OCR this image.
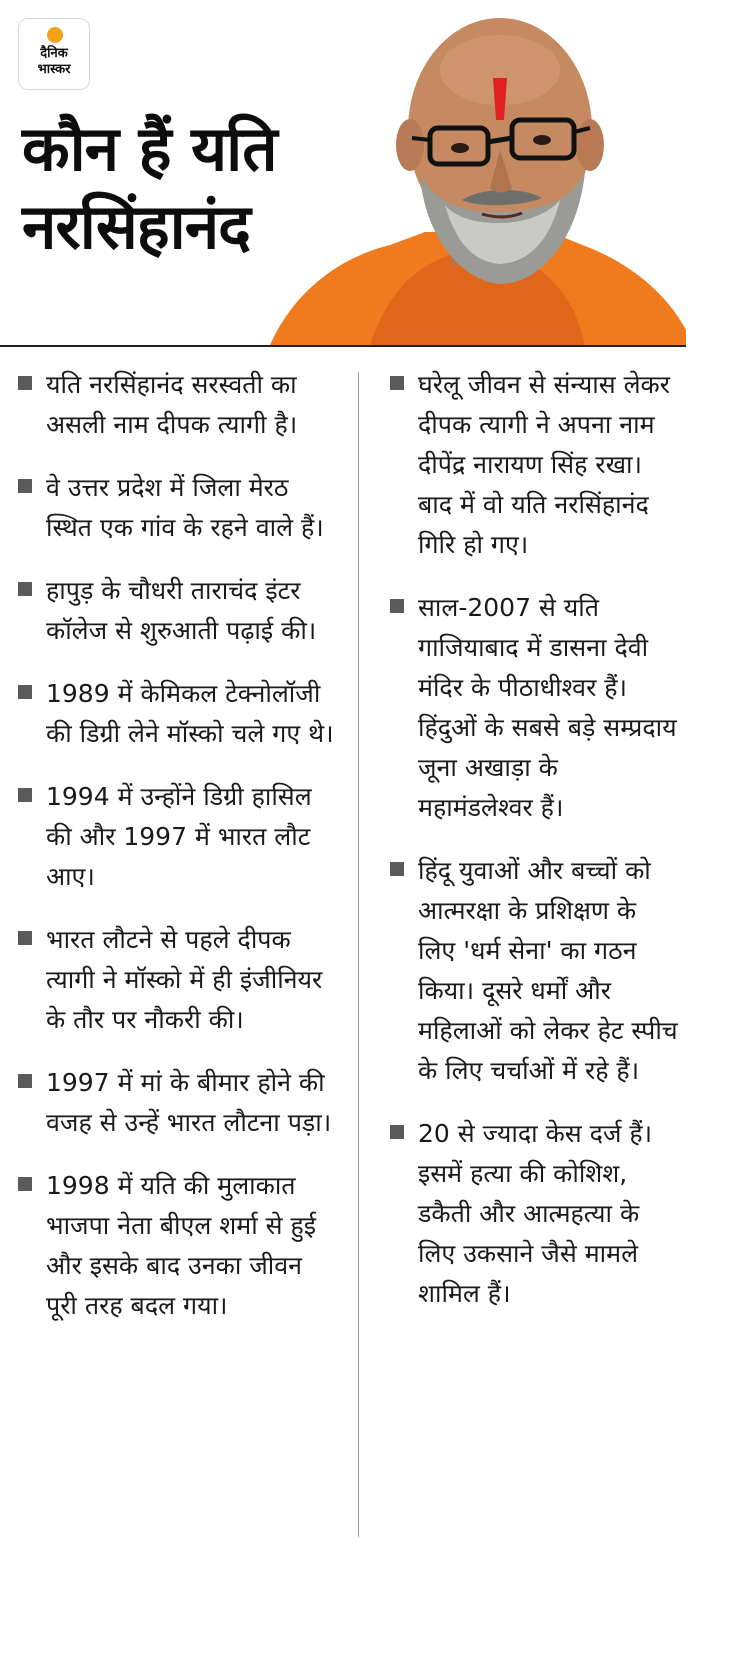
दैनिक
भास्कर
कौन हैं यति नरसिंहानंद
यति नरसिंहानंद सरस्वती का असली नाम दीपक त्यागी है।
वे उत्तर प्रदेश में जिला मेरठ स्थित एक गांव के रहने वाले हैं।
हापुड़ के चौधरी ताराचंद इंटर कॉलेज से शुरुआती पढ़ाई की।
1989 में केमिकल टेक्नोलॉजी की डिग्री लेने मॉस्को चले गए थे।
1994 में उन्होंने डिग्री हासिल की और 1997 में भारत लौट आए।
भारत लौटने से पहले दीपक त्यागी ने मॉस्को में ही इंजीनियर के तौर पर नौकरी की।
1997 में मां के बीमार होने की वजह से उन्हें भारत लौटना पड़ा।
1998 में यति की मुलाकात भाजपा नेता बीएल शर्मा से हुई और इसके बाद उनका जीवन पूरी तरह बदल गया।
घरेलू जीवन से संन्यास लेकर दीपक त्यागी ने अपना नाम दीपेंद्र नारायण सिंह रखा। बाद में वो यति नरसिंहानंद गिरि हो गए।
साल-2007 से यति गाजियाबाद में डासना देवी मंदिर के पीठाधीश्वर हैं। हिंदुओं के सबसे बड़े सम्प्रदाय जूना अखाड़ा के महामंडलेश्वर हैं।
हिंदू युवाओं और बच्चों को आत्मरक्षा के प्रशिक्षण के लिए 'धर्म सेना' का गठन किया। दूसरे धर्मों और महिलाओं को लेकर हेट स्पीच के लिए चर्चाओं में रहे हैं।
20 से ज्यादा केस दर्ज हैं। इसमें हत्या की कोशिश, डकैती और आत्महत्या के लिए उकसाने जैसे मामले शामिल हैं।
